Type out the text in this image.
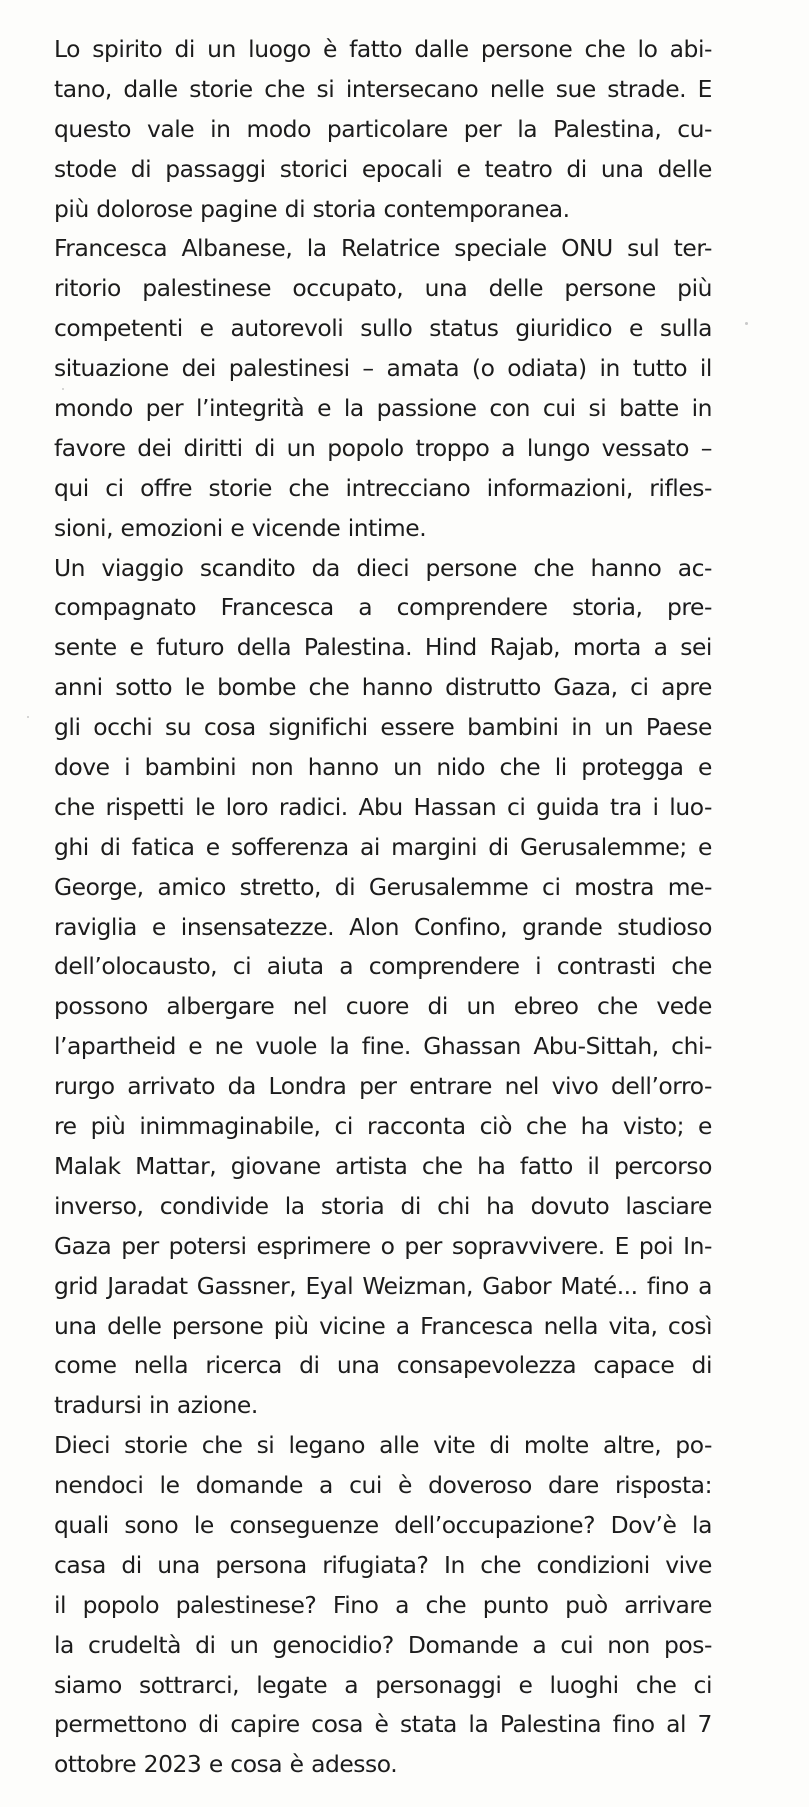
Lo spirito di un luogo è fatto dalle persone che lo abi-
tano, dalle storie che si intersecano nelle sue strade. E
questo vale in modo particolare per la Palestina, cu-
stode di passaggi storici epocali e teatro di una delle
più dolorose pagine di storia contemporanea.
Francesca Albanese, la Relatrice speciale ONU sul ter-
ritorio palestinese occupato, una delle persone più
competenti e autorevoli sullo status giuridico e sulla
situazione dei palestinesi – amata (o odiata) in tutto il
mondo per l’integrità e la passione con cui si batte in
favore dei diritti di un popolo troppo a lungo vessato –
qui ci offre storie che intrecciano informazioni, rifles-
sioni, emozioni e vicende intime.
Un viaggio scandito da dieci persone che hanno ac-
compagnato Francesca a comprendere storia, pre-
sente e futuro della Palestina. Hind Rajab, morta a sei
anni sotto le bombe che hanno distrutto Gaza, ci apre
gli occhi su cosa significhi essere bambini in un Paese
dove i bambini non hanno un nido che li protegga e
che rispetti le loro radici. Abu Hassan ci guida tra i luo-
ghi di fatica e sofferenza ai margini di Gerusalemme; e
George, amico stretto, di Gerusalemme ci mostra me-
raviglia e insensatezze. Alon Confino, grande studioso
dell’olocausto, ci aiuta a comprendere i contrasti che
possono albergare nel cuore di un ebreo che vede
l’apartheid e ne vuole la fine. Ghassan Abu-Sittah, chi-
rurgo arrivato da Londra per entrare nel vivo dell’orro-
re più inimmaginabile, ci racconta ciò che ha visto; e
Malak Mattar, giovane artista che ha fatto il percorso
inverso, condivide la storia di chi ha dovuto lasciare
Gaza per potersi esprimere o per sopravvivere. E poi In-
grid Jaradat Gassner, Eyal Weizman, Gabor Maté... fino a
una delle persone più vicine a Francesca nella vita, così
come nella ricerca di una consapevolezza capace di
tradursi in azione.
Dieci storie che si legano alle vite di molte altre, po-
nendoci le domande a cui è doveroso dare risposta:
quali sono le conseguenze dell’occupazione? Dov’è la
casa di una persona rifugiata? In che condizioni vive
il popolo palestinese? Fino a che punto può arrivare
la crudeltà di un genocidio? Domande a cui non pos-
siamo sottrarci, legate a personaggi e luoghi che ci
permettono di capire cosa è stata la Palestina fino al 7
ottobre 2023 e cosa è adesso.
